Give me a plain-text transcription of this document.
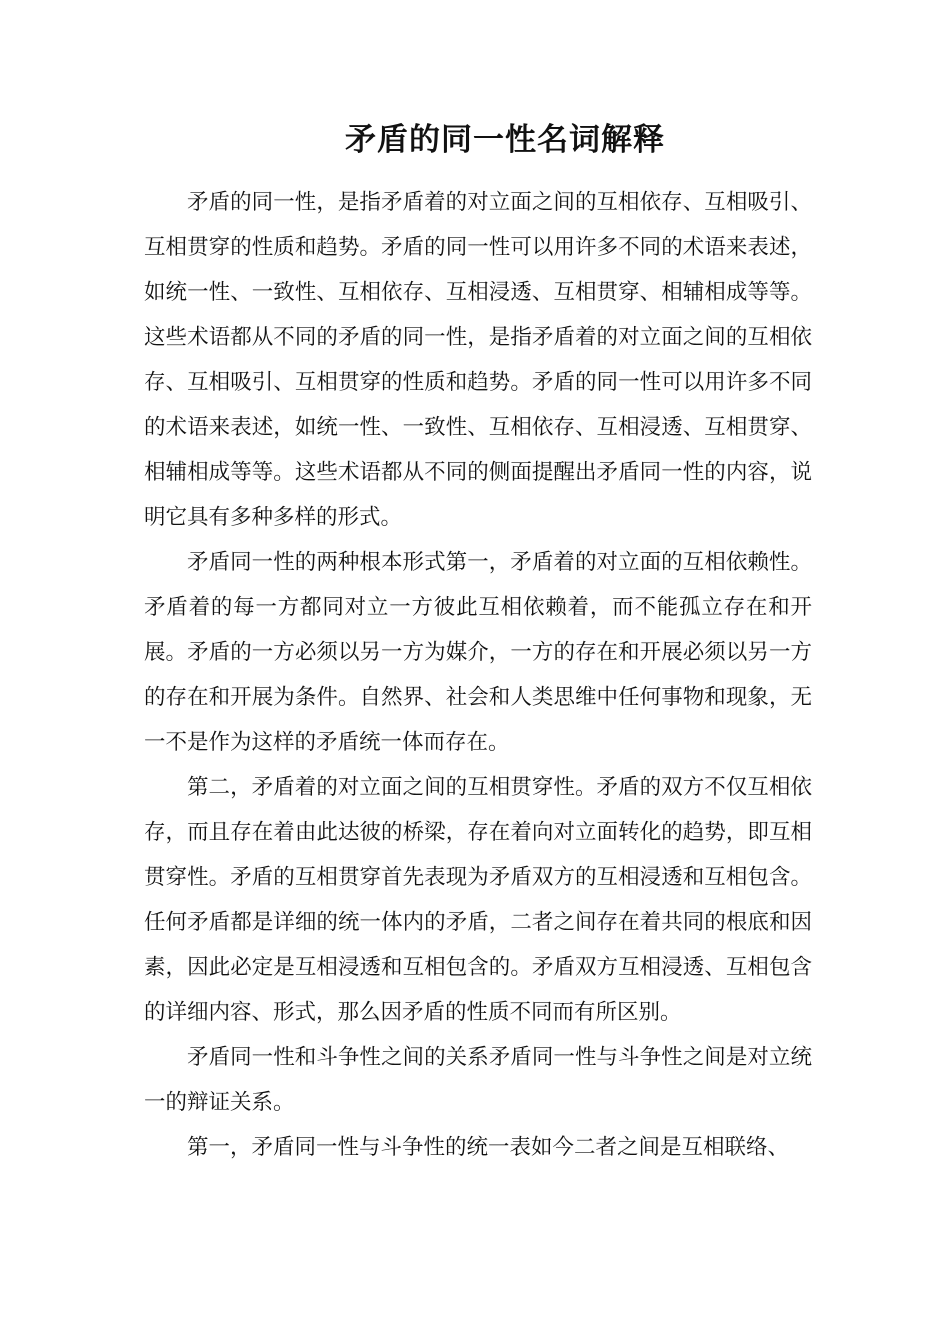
矛盾的同一性名词解释

矛盾的同一性，是指矛盾着的对立面之间的互相依存、互相吸引、互相贯穿的性质和趋势。矛盾的同一性可以用许多不同的术语来表述，如统一性、一致性、互相依存、互相浸透、互相贯穿、相辅相成等等。这些术语都从不同的矛盾的同一性，是指矛盾着的对立面之间的互相依存、互相吸引、互相贯穿的性质和趋势。矛盾的同一性可以用许多不同的术语来表述，如统一性、一致性、互相依存、互相浸透、互相贯穿、相辅相成等等。这些术语都从不同的侧面提醒出矛盾同一性的内容，说明它具有多种多样的形式。

矛盾同一性的两种根本形式第一，矛盾着的对立面的互相依赖性。矛盾着的每一方都同对立一方彼此互相依赖着，而不能孤立存在和开展。矛盾的一方必须以另一方为媒介，一方的存在和开展必须以另一方的存在和开展为条件。自然界、社会和人类思维中任何事物和现象，无一不是作为这样的矛盾统一体而存在。

第二，矛盾着的对立面之间的互相贯穿性。矛盾的双方不仅互相依存，而且存在着由此达彼的桥梁，存在着向对立面转化的趋势，即互相贯穿性。矛盾的互相贯穿首先表现为矛盾双方的互相浸透和互相包含。任何矛盾都是详细的统一体内的矛盾，二者之间存在着共同的根底和因素，因此必定是互相浸透和互相包含的。矛盾双方互相浸透、互相包含的详细内容、形式，那么因矛盾的性质不同而有所区别。

矛盾同一性和斗争性之间的关系矛盾同一性与斗争性之间是对立统一的辩证关系。

第一，矛盾同一性与斗争性的统一表如今二者之间是互相联络、
